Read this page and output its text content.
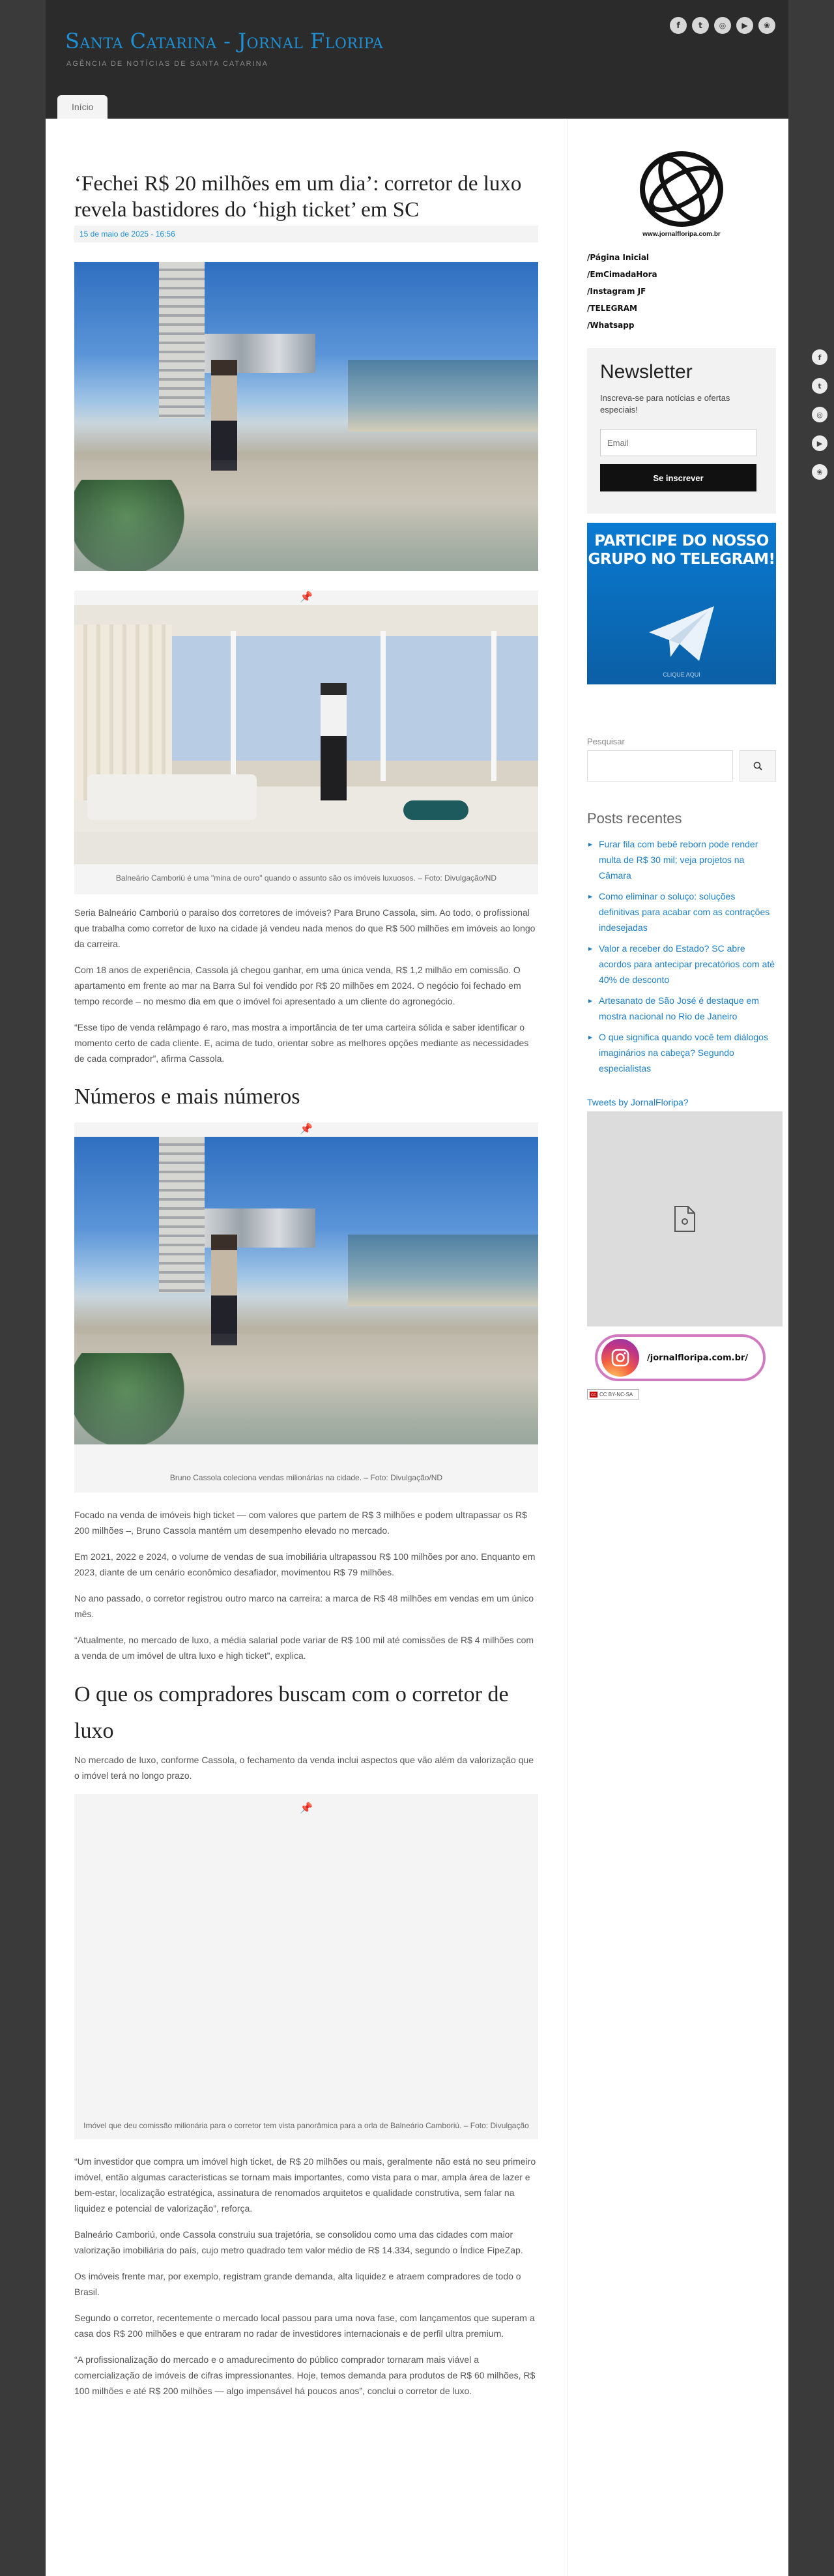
Santa Catarina - Jornal Floripa
AGÊNCIA DE NOTÍCIAS DE SANTA CATARINA
f	t	◎	▶	❀
Início
‘Fechei R$ 20 milhões em um dia’: corretor de luxo revela bastidores do ‘high ticket’ em SC
15 de maio de 2025 - 16:56
📌
Balneário Camboriú é uma "mina de ouro" quando o assunto são os imóveis luxuosos. – Foto: Divulgação/ND

Seria Balneário Camboriú o paraíso dos corretores de imóveis? Para Bruno Cassola, sim. Ao todo, o profissional que trabalha como corretor de luxo na cidade já vendeu nada menos do que R$ 500 milhões em imóveis ao longo da carreira.

Com 18 anos de experiência, Cassola já chegou ganhar, em uma única venda, R$ 1,2 milhão em comissão. O apartamento em frente ao mar na Barra Sul foi vendido por R$ 20 milhões em 2024. O negócio foi fechado em tempo recorde – no mesmo dia em que o imóvel foi apresentado a um cliente do agronegócio.

“Esse tipo de venda relâmpago é raro, mas mostra a importância de ter uma carteira sólida e saber identificar o momento certo de cada cliente. E, acima de tudo, orientar sobre as melhores opções mediante as necessidades de cada comprador”, afirma Cassola.

Números e mais números
📌
Bruno Cassola coleciona vendas milionárias na cidade. – Foto: Divulgação/ND

Focado na venda de imóveis high ticket — com valores que partem de R$ 3 milhões e podem ultrapassar os R$ 200 milhões –, Bruno Cassola mantém um desempenho elevado no mercado.

Em 2021, 2022 e 2024, o volume de vendas de sua imobiliária ultrapassou R$ 100 milhões por ano. Enquanto em 2023, diante de um cenário econômico desafiador, movimentou R$ 79 milhões.

No ano passado, o corretor registrou outro marco na carreira: a marca de R$ 48 milhões em vendas em um único mês.

“Atualmente, no mercado de luxo, a média salarial pode variar de R$ 100 mil até comissões de R$ 4 milhões com a venda de um imóvel de ultra luxo e high ticket”, explica.

O que os compradores buscam com o corretor de luxo

No mercado de luxo, conforme Cassola, o fechamento da venda inclui aspectos que vão além da valorização que o imóvel terá no longo prazo.

📌
Imóvel que deu comissão milionária para o corretor tem vista panorâmica para a orla de Balneário Camboriú. – Foto: Divulgação

“Um investidor que compra um imóvel high ticket, de R$ 20 milhões ou mais, geralmente não está no seu primeiro imóvel, então algumas características se tornam mais importantes, como vista para o mar, ampla área de lazer e bem-estar, localização estratégica, assinatura de renomados arquitetos e qualidade construtiva, sem falar na liquidez e potencial de valorização”, reforça.

Balneário Camboriú, onde Cassola construiu sua trajetória, se consolidou como uma das cidades com maior valorização imobiliária do país, cujo metro quadrado tem valor médio de R$ 14.334, segundo o Índice FipeZap.

Os imóveis frente mar, por exemplo, registram grande demanda, alta liquidez e atraem compradores de todo o Brasil.

Segundo o corretor, recentemente o mercado local passou para uma nova fase, com lançamentos que superam a casa dos R$ 200 milhões e que entraram no radar de investidores internacionais e de perfil ultra premium.

“A profissionalização do mercado e o amadurecimento do público comprador tornaram mais viável a comercialização de imóveis de cifras impressionantes. Hoje, temos demanda para produtos de R$ 60 milhões, R$ 100 milhões e até R$ 200 milhões — algo impensável há poucos anos”, conclui o corretor de luxo.

www.jornalfloripa.com.br
/Página Inicial
/EmCimadaHora
/Instagram JF
/TELEGRAM
/Whatsapp
Newsletter
Inscreva-se para notícias e ofertas especiais!
Email Se inscrever
PARTICIPE DO NOSSO GRUPO NO TELEGRAM!
CLIQUE AQUI
Pesquisar
Posts recentes
▸ Furar fila com bebê reborn pode render multa de R$ 30 mil; veja projetos na Câmara
▸ Como eliminar o soluço: soluções definitivas para acabar com as contrações indesejadas
▸ Valor a receber do Estado? SC abre acordos para antecipar precatórios com até 40% de desconto
▸ Artesanato de São José é destaque em mostra nacional no Rio de Janeiro
▸ O que significa quando você tem diálogos imaginários na cabeça? Segundo especialistas
Tweets by JornalFloripa?
/jornalfloripa.com.br/
cc CC BY-NC-SA
f
t
◎
▶
❀
